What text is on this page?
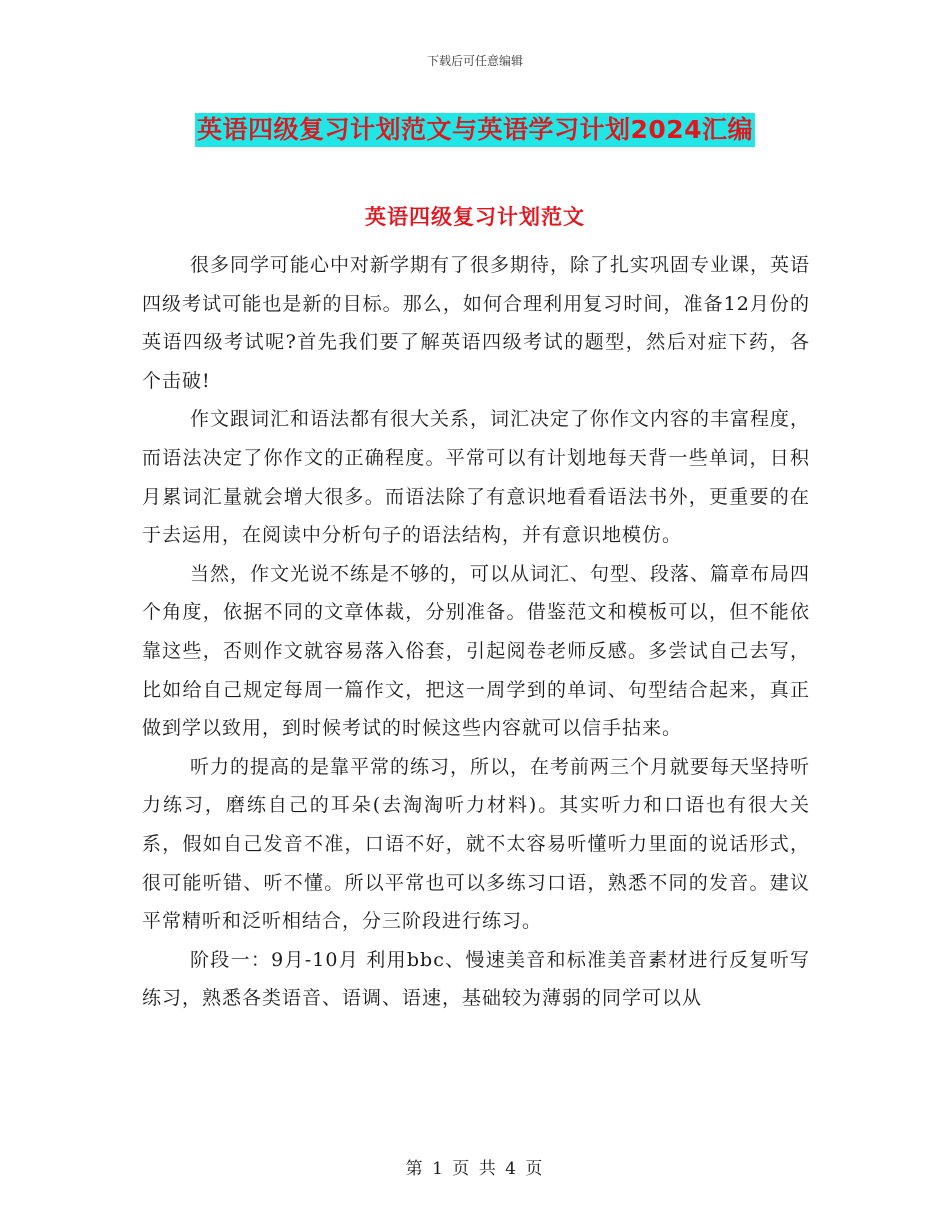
下载后可任意编辑
英语四级复习计划范文与英语学习计划2024汇编
英语四级复习计划范文

很多同学可能心中对新学期有了很多期待，除了扎实巩固专业课，英语四级考试可能也是新的目标。那么，如何合理利用复习时间，准备12月份的英语四级考试呢?首先我们要了解英语四级考试的题型，然后对症下药，各个击破!

作文跟词汇和语法都有很大关系，词汇决定了你作文内容的丰富程度，而语法决定了你作文的正确程度。平常可以有计划地每天背一些单词，日积月累词汇量就会增大很多。而语法除了有意识地看看语法书外，更重要的在于去运用，在阅读中分析句子的语法结构，并有意识地模仿。

当然，作文光说不练是不够的，可以从词汇、句型、段落、篇章布局四个角度，依据不同的文章体裁，分别准备。借鉴范文和模板可以，但不能依靠这些，否则作文就容易落入俗套，引起阅卷老师反感。多尝试自己去写，比如给自己规定每周一篇作文，把这一周学到的单词、句型结合起来，真正做到学以致用，到时候考试的时候这些内容就可以信手拈来。

听力的提高的是靠平常的练习，所以，在考前两三个月就要每天坚持听力练习，磨练自己的耳朵(去淘淘听力材料)。其实听力和口语也有很大关系，假如自己发音不准，口语不好，就不太容易听懂听力里面的说话形式，很可能听错、听不懂。所以平常也可以多练习口语，熟悉不同的发音。建议平常精听和泛听相结合，分三阶段进行练习。

阶段一：9月-10月 利用bbc、慢速美音和标准美音素材进行反复听写练习，熟悉各类语音、语调、语速，基础较为薄弱的同学可以从

第 1 页 共 4 页
